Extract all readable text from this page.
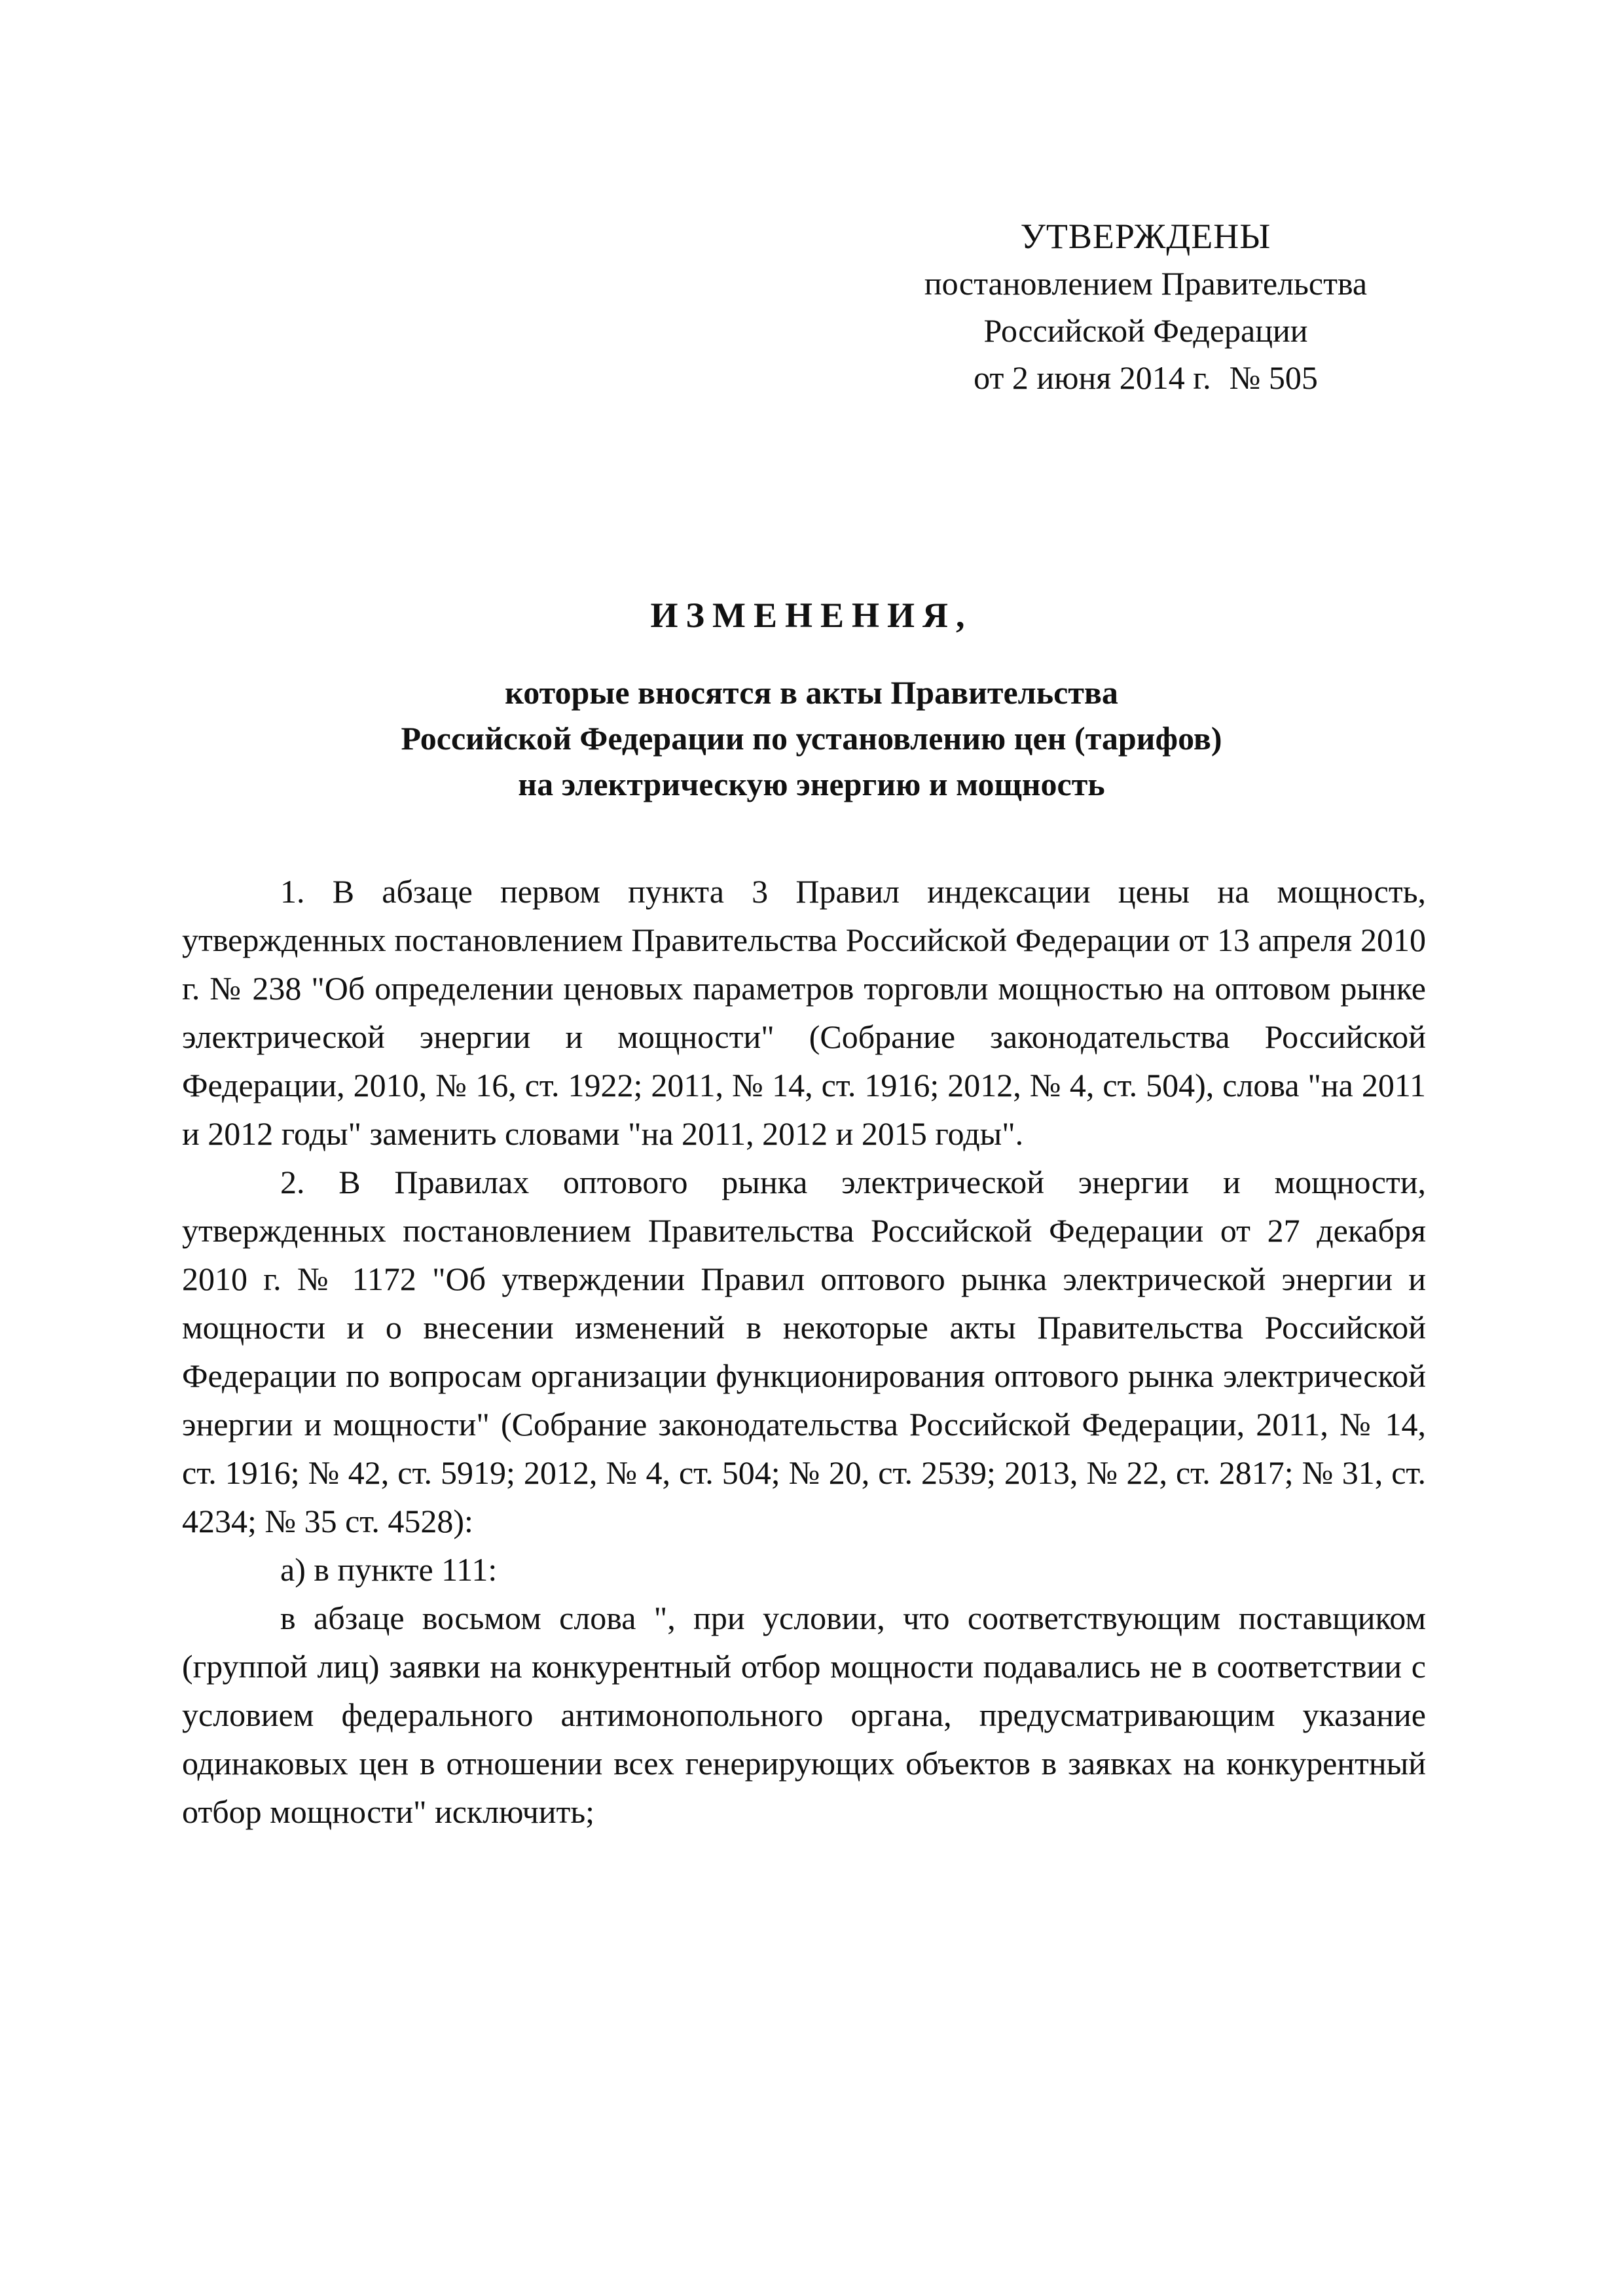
УТВЕРЖДЕНЫ
постановлением Правительства
Российской Федерации
от 2 июня 2014 г. № 505
ИЗМЕНЕНИЯ,
которые вносятся в акты Правительства
Российской Федерации по установлению цен (тарифов)
на электрическую энергию и мощность

1. В абзаце первом пункта 3 Правил индексации цены на мощность, утвержденных постановлением Правительства Российской Федерации от 13 апреля 2010 г. № 238 "Об определении ценовых параметров торговли мощностью на оптовом рынке электрической энергии и мощности" (Собрание законодательства Российской Федерации, 2010, № 16, ст. 1922; 2011, № 14, ст. 1916; 2012, № 4, ст. 504), слова "на 2011 и 2012 годы" заменить словами "на 2011, 2012 и 2015 годы".

2. В Правилах оптового рынка электрической энергии и мощности, утвержденных постановлением Правительства Российской Федерации от 27 декабря 2010 г. № 1172 "Об утверждении Правил оптового рынка электрической энергии и мощности и о внесении изменений в некоторые акты Правительства Российской Федерации по вопросам организации функционирования оптового рынка электрической энергии и мощности" (Собрание законодательства Российской Федерации, 2011, № 14, ст. 1916; № 42, ст. 5919; 2012, № 4, ст. 504; № 20, ст. 2539; 2013, № 22, ст. 2817; № 31, ст. 4234; № 35 ст. 4528):

а) в пункте 111:

в абзаце восьмом слова ", при условии, что соответствующим поставщиком (группой лиц) заявки на конкурентный отбор мощности подавались не в соответствии с условием федерального антимонопольного органа, предусматривающим указание одинаковых цен в отношении всех генерирующих объектов в заявках на конкурентный отбор мощности" исключить;
